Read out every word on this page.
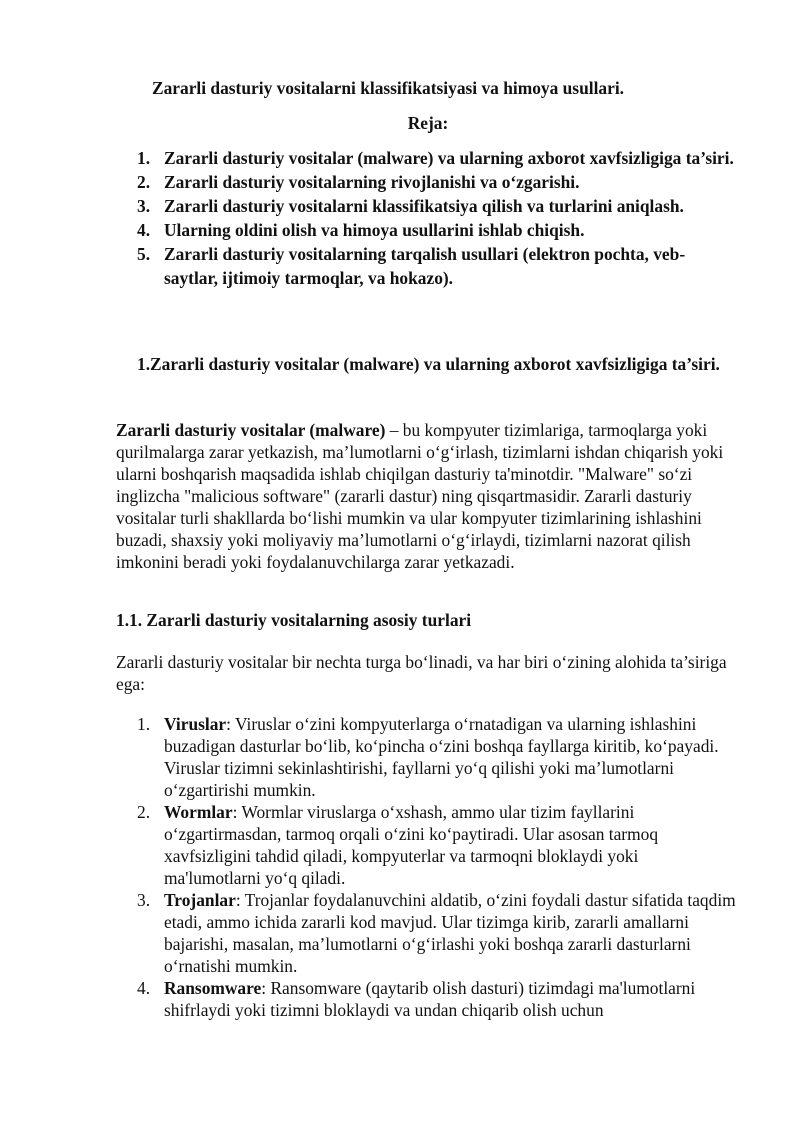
Zararli dasturiy vositalarni klassifikatsiyasi va himoya usullari.
Reja:
1. Zararli dasturiy vositalar (malware) va ularning axborot xavfsizligiga ta’siri.
2. Zararli dasturiy vositalarning rivojlanishi va o‘zgarishi.
3. Zararli dasturiy vositalarni klassifikatsiya qilish va turlarini aniqlash.
4. Ularning oldini olish va himoya usullarini ishlab chiqish.
5. Zararli dasturiy vositalarning tarqalish usullari (elektron pochta, veb-saytlar, ijtimoiy tarmoqlar, va hokazo).
1.Zararli dasturiy vositalar (malware) va ularning axborot xavfsizligiga ta’siri.
Zararli dasturiy vositalar (malware) – bu kompyuter tizimlariga, tarmoqlarga yoki qurilmalarga zarar yetkazish, ma’lumotlarni o‘g‘irlash, tizimlarni ishdan chiqarish yoki ularni boshqarish maqsadida ishlab chiqilgan dasturiy ta'minotdir. "Malware" so‘zi inglizcha "malicious software" (zararli dastur) ning qisqartmasidir. Zararli dasturiy vositalar turli shakllarda bo‘lishi mumkin va ular kompyuter tizimlarining ishlashini buzadi, shaxsiy yoki moliyaviy ma’lumotlarni o‘g‘irlaydi, tizimlarni nazorat qilish imkonini beradi yoki foydalanuvchilarga zarar yetkazadi.
1.1. Zararli dasturiy vositalarning asosiy turlari
Zararli dasturiy vositalar bir nechta turga bo‘linadi, va har biri o‘zining alohida ta’siriga ega:
1. Viruslar: Viruslar o‘zini kompyuterlarga o‘rnatadigan va ularning ishlashini buzadigan dasturlar bo‘lib, ko‘pincha o‘zini boshqa fayllarga kiritib, ko‘payadi. Viruslar tizimni sekinlashtirishi, fayllarni yo‘q qilishi yoki ma’lumotlarni o‘zgartirishi mumkin.
2. Wormlar: Wormlar viruslarga o‘xshash, ammo ular tizim fayllarini o‘zgartirmasdan, tarmoq orqali o‘zini ko‘paytiradi. Ular asosan tarmoq xavfsizligini tahdid qiladi, kompyuterlar va tarmoqni bloklaydi yoki ma'lumotlarni yo‘q qiladi.
3. Trojanlar: Trojanlar foydalanuvchini aldatib, o‘zini foydali dastur sifatida taqdim etadi, ammo ichida zararli kod mavjud. Ular tizimga kirib, zararli amallarni bajarishi, masalan, ma’lumotlarni o‘g‘irlashi yoki boshqa zararli dasturlarni o‘rnatishi mumkin.
4. Ransomware: Ransomware (qaytarib olish dasturi) tizimdagi ma'lumotlarni shifrlaydi yoki tizimni bloklaydi va undan chiqarib olish uchun
